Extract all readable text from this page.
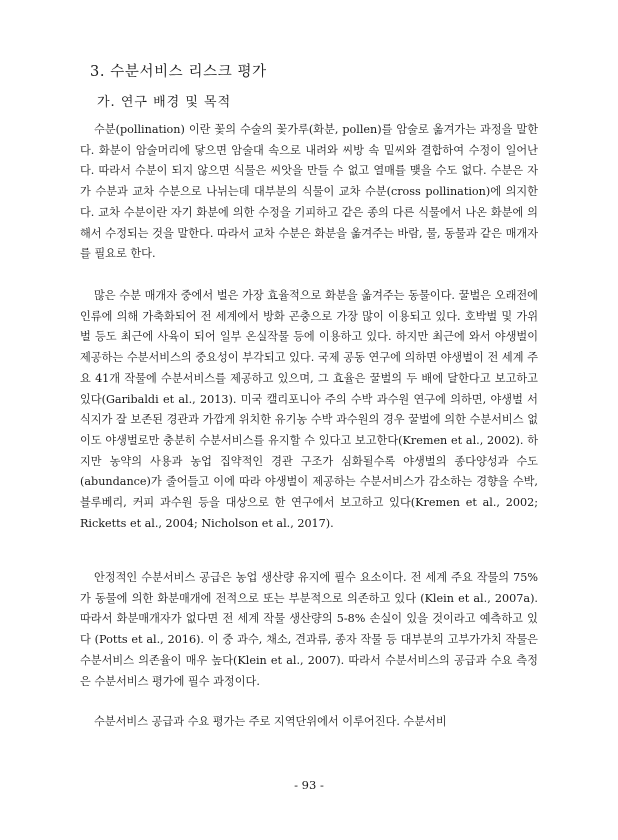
3. 수분서비스 리스크 평가
가. 연구 배경 및 목적

수분(pollination) 이란 꽃의 수술의 꽃가루(화분, pollen)를 암술로 옮겨가는 과정을 말한다. 화분이 암술머리에 닿으면 암술대 속으로 내려와 씨방 속 밑씨와 결합하여 수정이 일어난다. 따라서 수분이 되지 않으면 식물은 씨앗을 만들 수 없고 열매를 맺을 수도 없다. 수분은 자가 수분과 교차 수분으로 나뉘는데 대부분의 식물이 교차 수분(cross pollination)에 의지한다. 교차 수분이란 자기 화분에 의한 수정을 기피하고 같은 종의 다른 식물에서 나온 화분에 의해서 수정되는 것을 말한다. 따라서 교차 수분은 화분을 옮겨주는 바람, 물, 동물과 같은 매개자를 필요로 한다.

많은 수분 매개자 중에서 벌은 가장 효율적으로 화분을 옮겨주는 동물이다. 꿀벌은 오래전에 인류에 의해 가축화되어 전 세계에서 방화 곤충으로 가장 많이 이용되고 있다. 호박벌 및 가위벌 등도 최근에 사육이 되어 일부 온실작물 등에 이용하고 있다. 하지만 최근에 와서 야생벌이 제공하는 수분서비스의 중요성이 부각되고 있다. 국제 공동 연구에 의하면 야생벌이 전 세계 주요 41개 작물에 수분서비스를 제공하고 있으며, 그 효율은 꿀벌의 두 배에 달한다고 보고하고 있다(Garibaldi et al., 2013). 미국 캘리포니아 주의 수박 과수원 연구에 의하면, 야생벌 서식지가 잘 보존된 경관과 가깝게 위치한 유기농 수박 과수원의 경우 꿀벌에 의한 수분서비스 없이도 야생벌로만 충분히 수분서비스를 유지할 수 있다고 보고한다(Kremen et al., 2002). 하지만 농약의 사용과 농업 집약적인 경관 구조가 심화될수록 야생벌의 종다양성과 수도(abundance)가 줄어들고 이에 따라 야생벌이 제공하는 수분서비스가 감소하는 경향을 수박, 블루베리, 커피 과수원 등을 대상으로 한 연구에서 보고하고 있다(Kremen et al., 2002; Ricketts et al., 2004; Nicholson et al., 2017).

안정적인 수분서비스 공급은 농업 생산량 유지에 필수 요소이다. 전 세계 주요 작물의 75%가 동물에 의한 화분매개에 전적으로 또는 부분적으로 의존하고 있다 (Klein et al., 2007a). 따라서 화분매개자가 없다면 전 세계 작물 생산량의 5-8% 손실이 있을 것이라고 예측하고 있다 (Potts et al., 2016). 이 중 과수, 채소, 견과류, 종자 작물 등 대부분의 고부가가치 작물은 수분서비스 의존율이 매우 높다(Klein et al., 2007). 따라서 수분서비스의 공급과 수요 측정은 수분서비스 평가에 필수 과정이다.

수분서비스 공급과 수요 평가는 주로 지역단위에서 이루어진다. 수분서비

- 93 -
